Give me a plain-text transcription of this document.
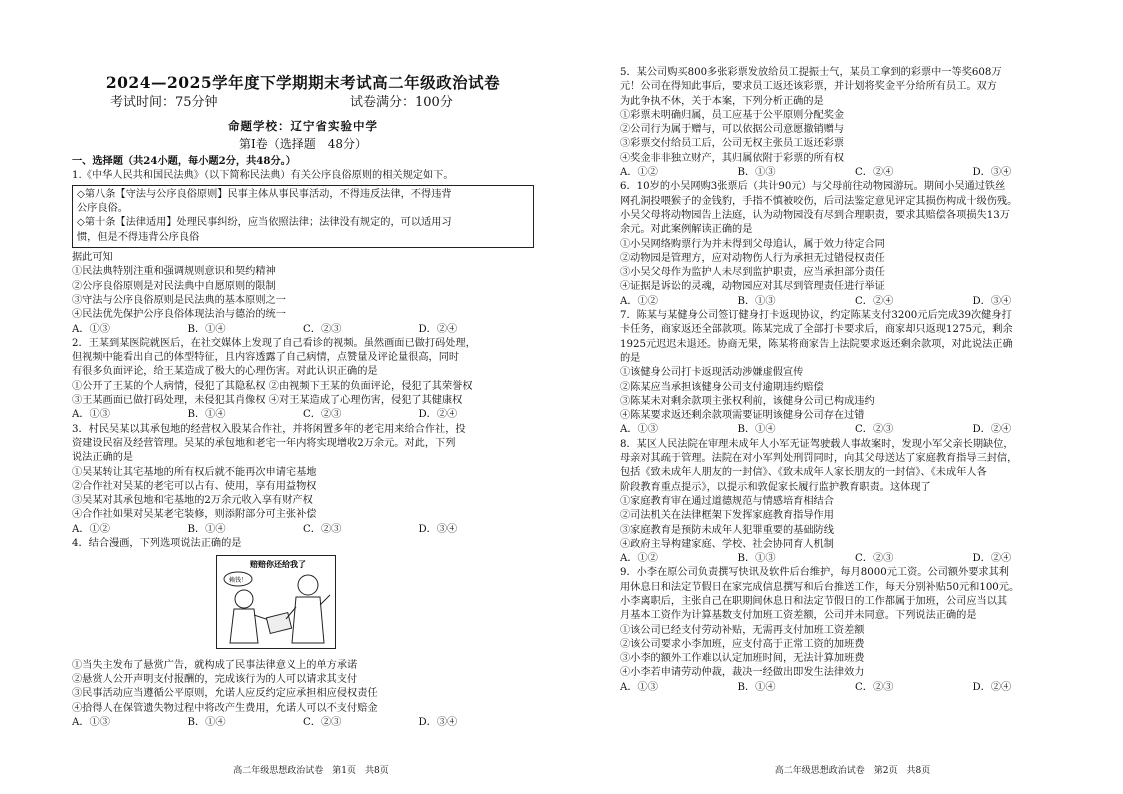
2024—2025学年度下学期期末考试高二年级政治试卷
考试时间：75分钟	试卷满分：100分
命题学校：辽宁省实验中学
第Ⅰ卷（选择题　48分）
一、选择题（共24小题，每小题2分，共48分。）
1.《中华人民共和国民法典》（以下简称民法典）有关公序良俗原则的相关规定如下。
◇第八条【守法与公序良俗原则】民事主体从事民事活动，不得违反法律，不得违背
公序良俗。
◇第十条【法律适用】处理民事纠纷，应当依照法律；法律没有规定的，可以适用习
惯，但是不得违背公序良俗
据此可知
①民法典特别注重和强调规则意识和契约精神
②公序良俗原则是对民法典中自愿原则的限制
③守法与公序良俗原则是民法典的基本原则之一
④民法优先保护公序良俗体现法治与德治的统一
A．①③	B．①④	C．②③	D．②④
2．王某到某医院就医后，在社交媒体上发现了自己看诊的视频。虽然画面已做打码处理，
但视频中能看出自己的体型特征，且内容透露了自己病情，点赞量及评论量很高，同时
有很多负面评论，给王某造成了极大的心理伤害。对此认识正确的是
①公开了王某的个人病情，侵犯了其隐私权 ②由视频下王某的负面评论，侵犯了其荣誉权
③王某画面已做打码处理，未侵犯其肖像权 ④对王某造成了心理伤害，侵犯了其健康权
A．①③	B．①④	C．②③	D．②④
3．村民吴某以其承包地的经营权入股某合作社，并将闲置多年的老宅用来给合作社，投
资建设民宿及经营管理。吴某的承包地和老宅一年内将实现增收2万余元。对此，下列
说法正确的是
①吴某转让其宅基地的所有权后就不能再次申请宅基地
②合作社对吴某的老宅可以占有、使用，享有用益物权
③吴某对其承包地和宅基地的2万余元收入享有财产权
④合作社如果对吴某老宅装修，则添附部分可主张补偿
A．①②	B．①④	C．②③	D．③④
4．结合漫画，下列选项说法正确的是
赔赔你还给我了
赖钱！
①当失主发布了悬赏广告，就构成了民事法律意义上的单方承诺
②悬赏人公开声明支付报酬的，完成该行为的人可以请求其支付
③民事活动应当遵循公平原则，允诺人应反约定应承担相应侵权责任
④拾得人在保管遗失物过程中将改产生费用，允诺人可以不支付赔金
A．①③	B．①④	C．②③	D．③④
高二年级思想政治试卷　第1页　共8页
5．某公司购买800多张彩票发放给员工提振士气，某员工拿到的彩票中一等奖608万
元！公司在得知此事后，要求员工返还该彩票，并计划将奖金平分给所有员工。双方
为此争执不休，关于本案，下列分析正确的是
①彩票未明确归属，员工应基于公平原则分配奖金
②公司行为属于赠与，可以依据公司意愿撤销赠与
③彩票交付给员工后，公司无权主张员工返还彩票
④奖金非非独立财产，其归属依附于彩票的所有权
A．①②	B．①③	C．②④	D．③④
6．10岁的小吴网购3张票后（共计90元）与父母前往动物园游玩。期间小吴通过铁丝
网孔洞投喂猴子的金钱豹，手指不慎被咬伤，后司法鉴定意见评定其损伤构成十级伤残。
小吴父母将动物园告上法庭，认为动物园没有尽到合理职责，要求其赔偿各项损失13万
余元。对此案例解读正确的是
①小吴网络购票行为并未得到父母追认，属于效力待定合同
②动物园是管理方，应对动物伤人行为承担无过错侵权责任
③小吴父母作为监护人未尽到监护职责，应当承担部分责任
④证据是诉讼的灵魂，动物园应对其尽到管理责任进行举证
A．①②	B．①③	C．②④	D．③④
7．陈某与某健身公司签订健身打卡返现协议，约定陈某支付3200元后完成39次健身打
卡任务，商家返还全部款项。陈某完成了全部打卡要求后，商家却只返现1275元，剩余
1925元迟迟未退还。协商无果，陈某将商家告上法院要求返还剩余款项，对此说法正确
的是
①该健身公司打卡返现活动涉嫌虚假宣传
②陈某应当承担该健身公司支付逾期违约赔偿
③陈某未对剩余款项主张权利前，该健身公司已构成违约
④陈某要求返还剩余款项需要证明该健身公司存在过错
A．①③	B．①④	C．②③	D．②④
8．某区人民法院在审理未成年人小军无证驾驶载人事故案时，发现小军父亲长期缺位，
母亲对其疏于管理。法院在对小军判处刑罚同时，向其父母送达了家庭教育指导三封信，
包括《致未成年人朋友的一封信》、《致未成年人家长朋友的一封信》、《未成年人各
阶段教育重点提示》，以提示和敦促家长履行监护教育职责。这体现了
①家庭教育审在通过道德规范与情感培育相结合
②司法机关在法律框架下发挥家庭教育指导作用
③家庭教育是预防未成年人犯罪重要的基础防线
④政府主导构建家庭、学校、社会协同育人机制
A．①②	B．①③	C．②③	D．②④
9．小李在原公司负责撰写快讯及软件后台维护，每月8000元工资。公司额外要求其利
用休息日和法定节假日在家完成信息撰写和后台推送工作，每天分别补贴50元和100元。
小李离职后，主张自己在职期间休息日和法定节假日的工作都属于加班，公司应当以其
月基本工资作为计算基数支付加班工资差额，公司并未同意。下列说法正确的是
①该公司已经支付劳动补贴，无需再支付加班工资差额
②该公司要求小李加班，应支付高于正常工资的加班费
③小李的额外工作难以认定加班时间，无法计算加班费
④小李若申请劳动仲裁，裁决一经做出即发生法律效力
A．①③	B．①④	C．②③	D．②④
高二年级思想政治试卷　第2页　共8页
